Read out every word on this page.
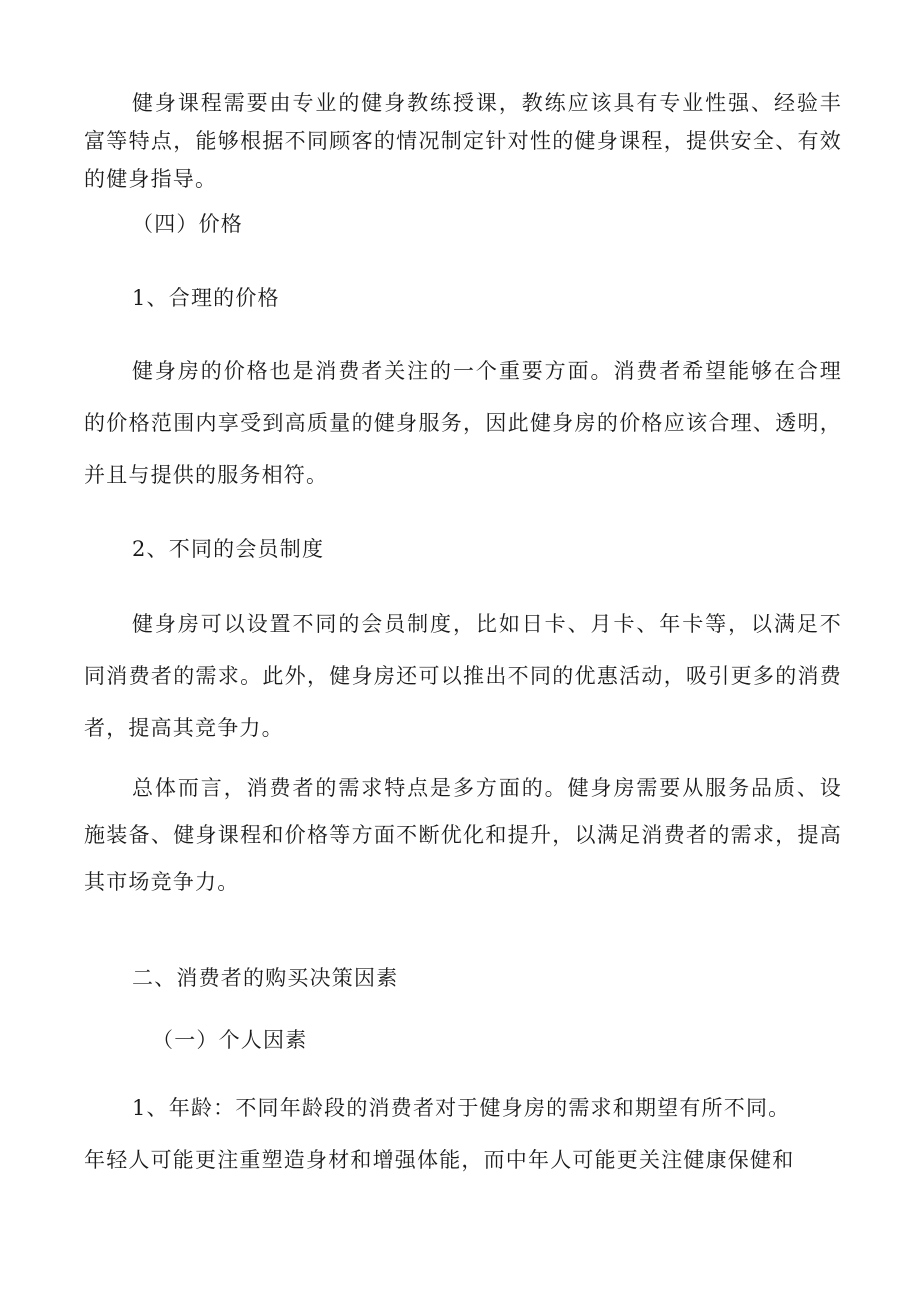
健身课程需要由专业的健身教练授课，教练应该具有专业性强、经验丰富等特点，能够根据不同顾客的情况制定针对性的健身课程，提供安全、有效的健身指导。

（四）价格

1、合理的价格

健身房的价格也是消费者关注的一个重要方面。消费者希望能够在合理的价格范围内享受到高质量的健身服务，因此健身房的价格应该合理、透明，并且与提供的服务相符。

2、不同的会员制度

健身房可以设置不同的会员制度，比如日卡、月卡、年卡等，以满足不同消费者的需求。此外，健身房还可以推出不同的优惠活动，吸引更多的消费者，提高其竞争力。

总体而言，消费者的需求特点是多方面的。健身房需要从服务品质、设施装备、健身课程和价格等方面不断优化和提升，以满足消费者的需求，提高其市场竞争力。

二、消费者的购买决策因素

（一）个人因素

1、年龄：不同年龄段的消费者对于健身房的需求和期望有所不同。

年轻人可能更注重塑造身材和增强体能，而中年人可能更关注健康保健和
